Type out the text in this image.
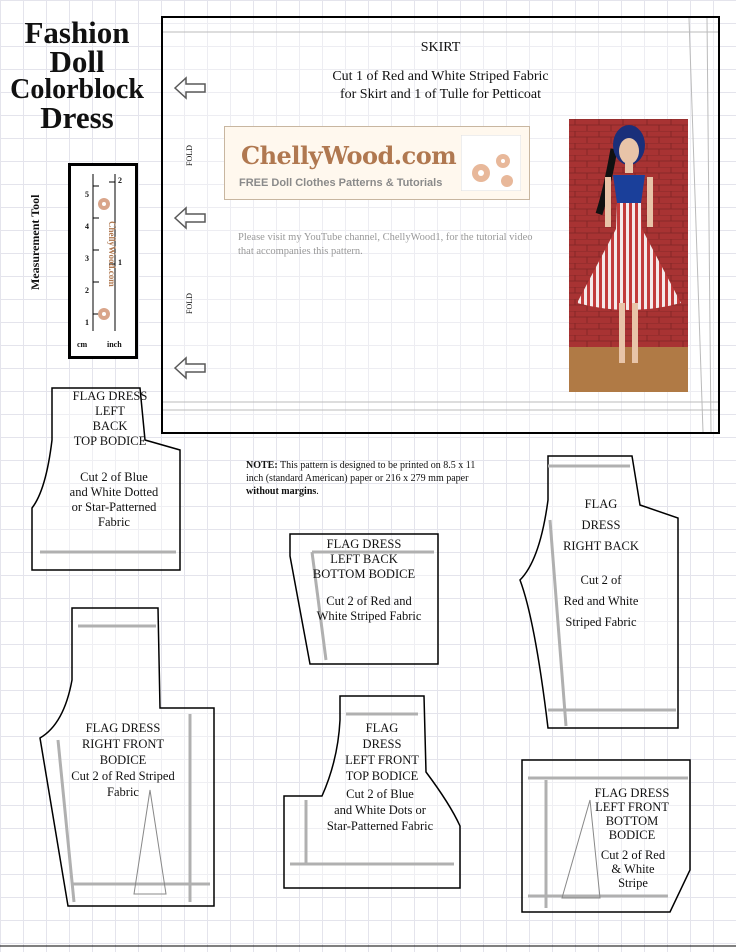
Fashion
Doll
Colorblock
Dress
Measurement Tool
5
4
3
2
1
2
1
ChellyWood.com
cm inch
SKIRT
Cut 1 of Red and White Striped Fabric
for Skirt and 1 of Tulle for Petticoat
FOLD
FOLD
ChellyWood.com
FREE Doll Clothes Patterns & Tutorials
Please visit my YouTube channel, ChellyWood1, for the tutorial video that accompanies this pattern.
NOTE: This pattern is designed to be printed on 8.5 x 11 inch (standard American) paper or 216 x 279 mm paper without margins.
FLAG DRESS
LEFT
BACK
TOP BODICE
Cut 2 of Blue
and White Dotted
or Star-Patterned
Fabric
FLAG DRESS
LEFT BACK
BOTTOM BODICE
Cut 2 of Red and
White Striped Fabric
FLAG
DRESS
RIGHT BACK
Cut 2 of
Red and White
Striped Fabric
FLAG DRESS
RIGHT FRONT
BODICE
Cut 2 of Red Striped
Fabric
FLAG
DRESS
LEFT FRONT
TOP BODICE
Cut 2 of Blue
and White Dots or
Star-Patterned Fabric
FLAG DRESS
LEFT FRONT
BOTTOM
BODICE
Cut 2 of Red
& White
Stripe
